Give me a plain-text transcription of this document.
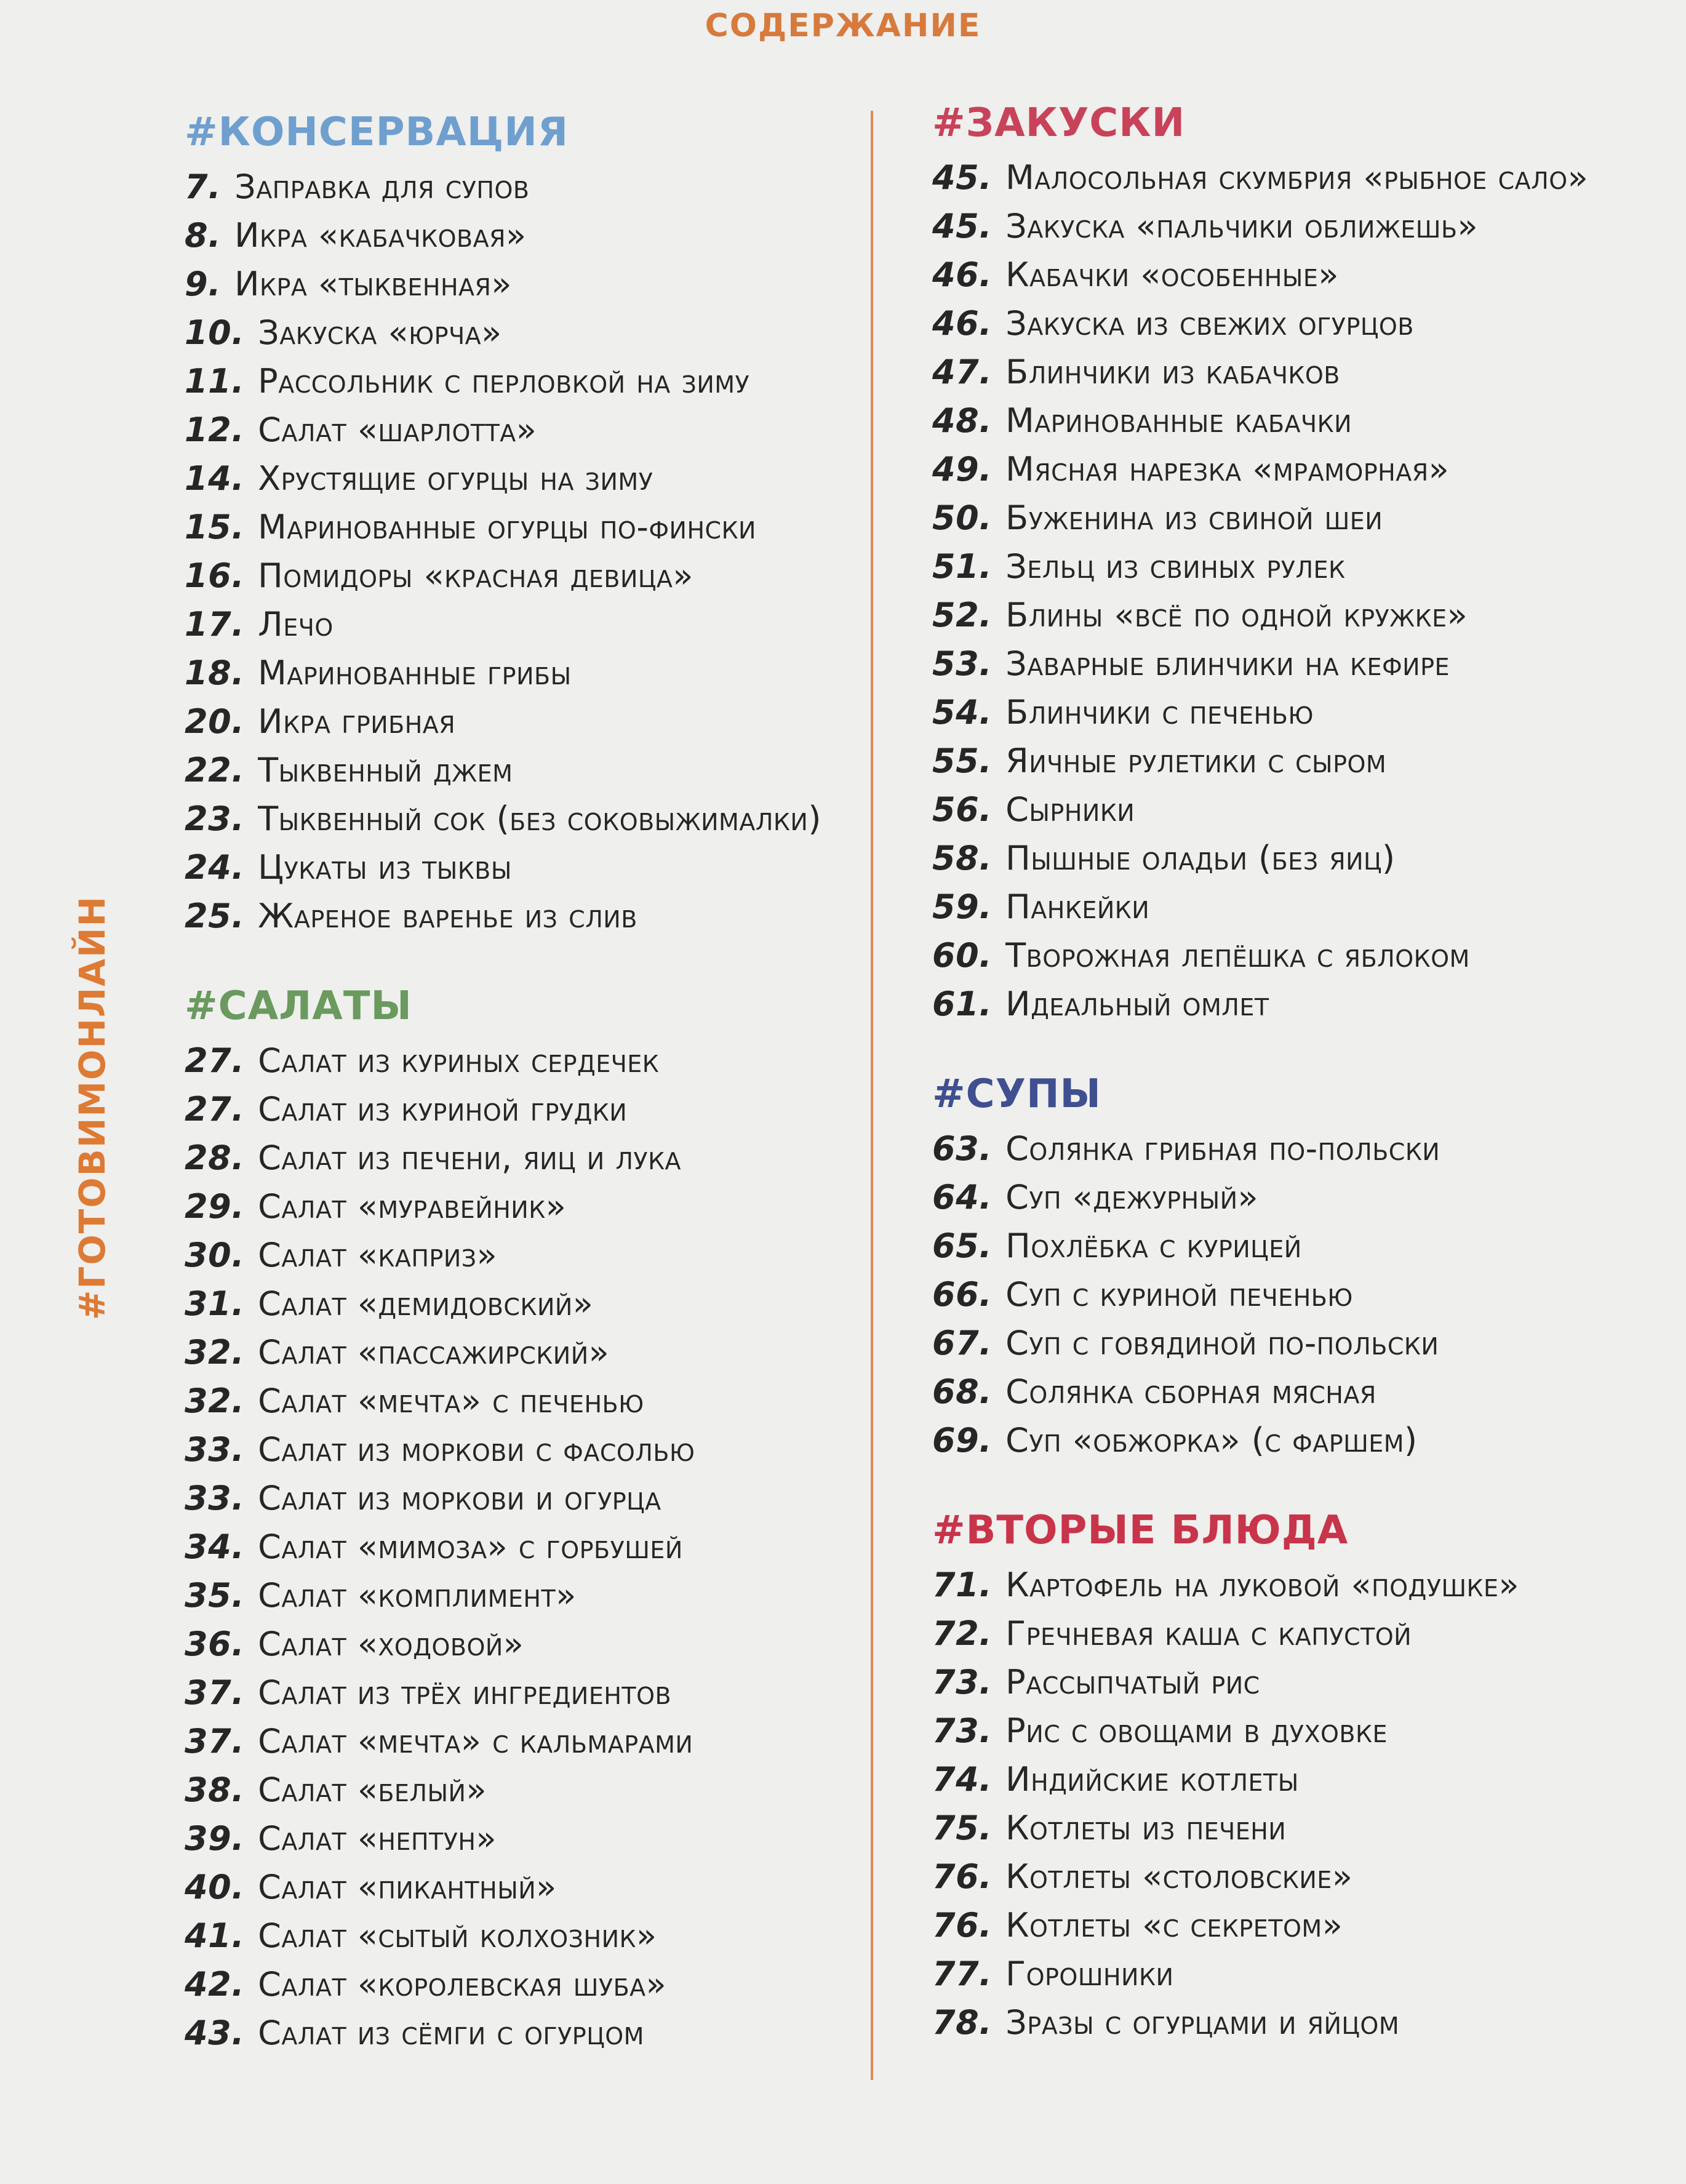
СОДЕРЖАНИЕ
#ГОТОВИМОНЛАЙН
#КОНСЕРВАЦИЯ
7. Заправка для супов
8. Икра «кабачковая»
9. Икра «тыквенная»
10. Закуска «юрча»
11. Рассольник с перловкой на зиму
12. Салат «шарлотта»
14. Хрустящие огурцы на зиму
15. Маринованные огурцы по-фински
16. Помидоры «красная девица»
17. Лечо
18. Маринованные грибы
20. Икра грибная
22. Тыквенный джем
23. Тыквенный сок (без соковыжималки)
24. Цукаты из тыквы
25. Жареное варенье из слив
#САЛАТЫ
27. Салат из куриных сердечек
27. Салат из куриной грудки
28. Салат из печени, яиц и лука
29. Салат «муравейник»
30. Салат «каприз»
31. Салат «демидовский»
32. Салат «пассажирский»
32. Салат «мечта» с печенью
33. Салат из моркови с фасолью
33. Салат из моркови и огурца
34. Салат «мимоза» с горбушей
35. Салат «комплимент»
36. Салат «ходовой»
37. Салат из трёх ингредиентов
37. Салат «мечта» с кальмарами
38. Салат «белый»
39. Салат «нептун»
40. Салат «пикантный»
41. Салат «сытый колхозник»
42. Салат «королевская шуба»
43. Салат из сёмги с огурцом
#ЗАКУСКИ
45. Малосольная скумбрия «рыбное сало»
45. Закуска «пальчики оближешь»
46. Кабачки «особенные»
46. Закуска из свежих огурцов
47. Блинчики из кабачков
48. Маринованные кабачки
49. Мясная нарезка «мраморная»
50. Буженина из свиной шеи
51. Зельц из свиных рулек
52. Блины «всё по одной кружке»
53. Заварные блинчики на кефире
54. Блинчики с печенью
55. Яичные рулетики с сыром
56. Сырники
58. Пышные оладьи (без яиц)
59. Панкейки
60. Творожная лепёшка с яблоком
61. Идеальный омлет
#СУПЫ
63. Солянка грибная по-польски
64. Суп «дежурный»
65. Похлёбка с курицей
66. Суп с куриной печенью
67. Суп с говядиной по-польски
68. Солянка сборная мясная
69. Суп «обжорка» (с фаршем)
#ВТОРЫЕ БЛЮДА
71. Картофель на луковой «подушке»
72. Гречневая каша с капустой
73. Рассыпчатый рис
73. Рис с овощами в духовке
74. Индийские котлеты
75. Котлеты из печени
76. Котлеты «столовские»
76. Котлеты «с секретом»
77. Горошники
78. Зразы с огурцами и яйцом
